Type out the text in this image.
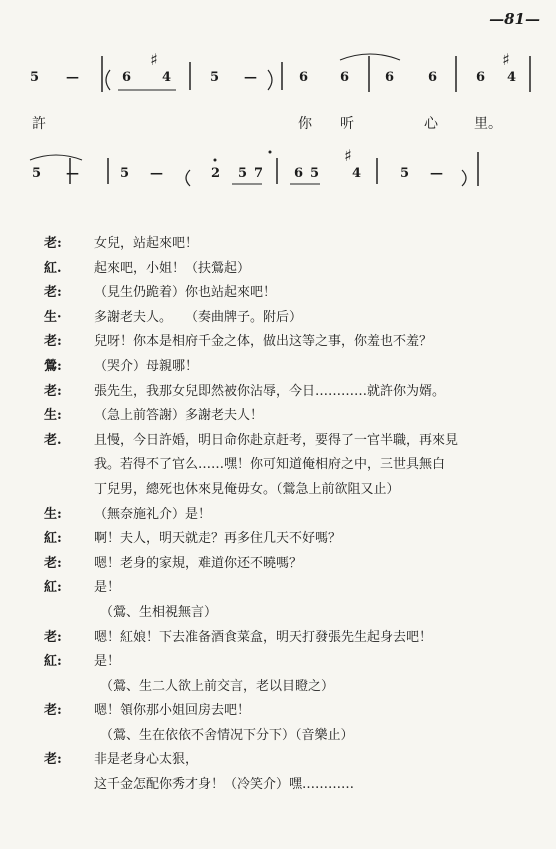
—81—
5 —	6 4	5 —	6 6	6	6	6 4
♯	♯
許	你 听	心	里。
5 —	5 —	2 5 7 6 5	4	5 —
♯
老: 女兒，站起來吧！
紅. 起來吧，小姐！（扶鶯起）
老: （見生仍跪着）你也站起來吧！
生· 多謝老夫人。　　（奏曲牌子。附后）
老: 兒呀！你本是相府千金之体，做出这等之事，你羞也不羞？
鶯: （哭介）母親哪！
老: 張先生，我那女兒即然被你沾辱，今日…………就許你为婿。
生: （急上前答謝）多謝老夫人！
老. 且慢，今日許婚，明日命你赴京赶考，要得了一官半職，再來見
我。若得不了官么……嘿！你可知道俺相府之中，三世具無白
丁兒男，總死也休來見俺毋女。（鶯急上前欲阻又止）
生: （無奈施礼介）是！
紅: 啊！夫人，明天就走？再多住几天不好嗎？
老: 嗯！老身的家規，难道你还不曉嗎？
紅: 是！
（鶯、生相視無言）
老: 嗯！紅娘！下去准备酒食菜盒，明天打發張先生起身去吧！
紅: 是！
（鶯、生二人欲上前交言，老以目瞪之）
老: 嗯！領你那小姐回房去吧！
（鶯、生在依依不舍情况下分下）（音樂止）
老: 非是老身心太狠，
这千金怎配你秀才身！（冷笑介）嘿…………
